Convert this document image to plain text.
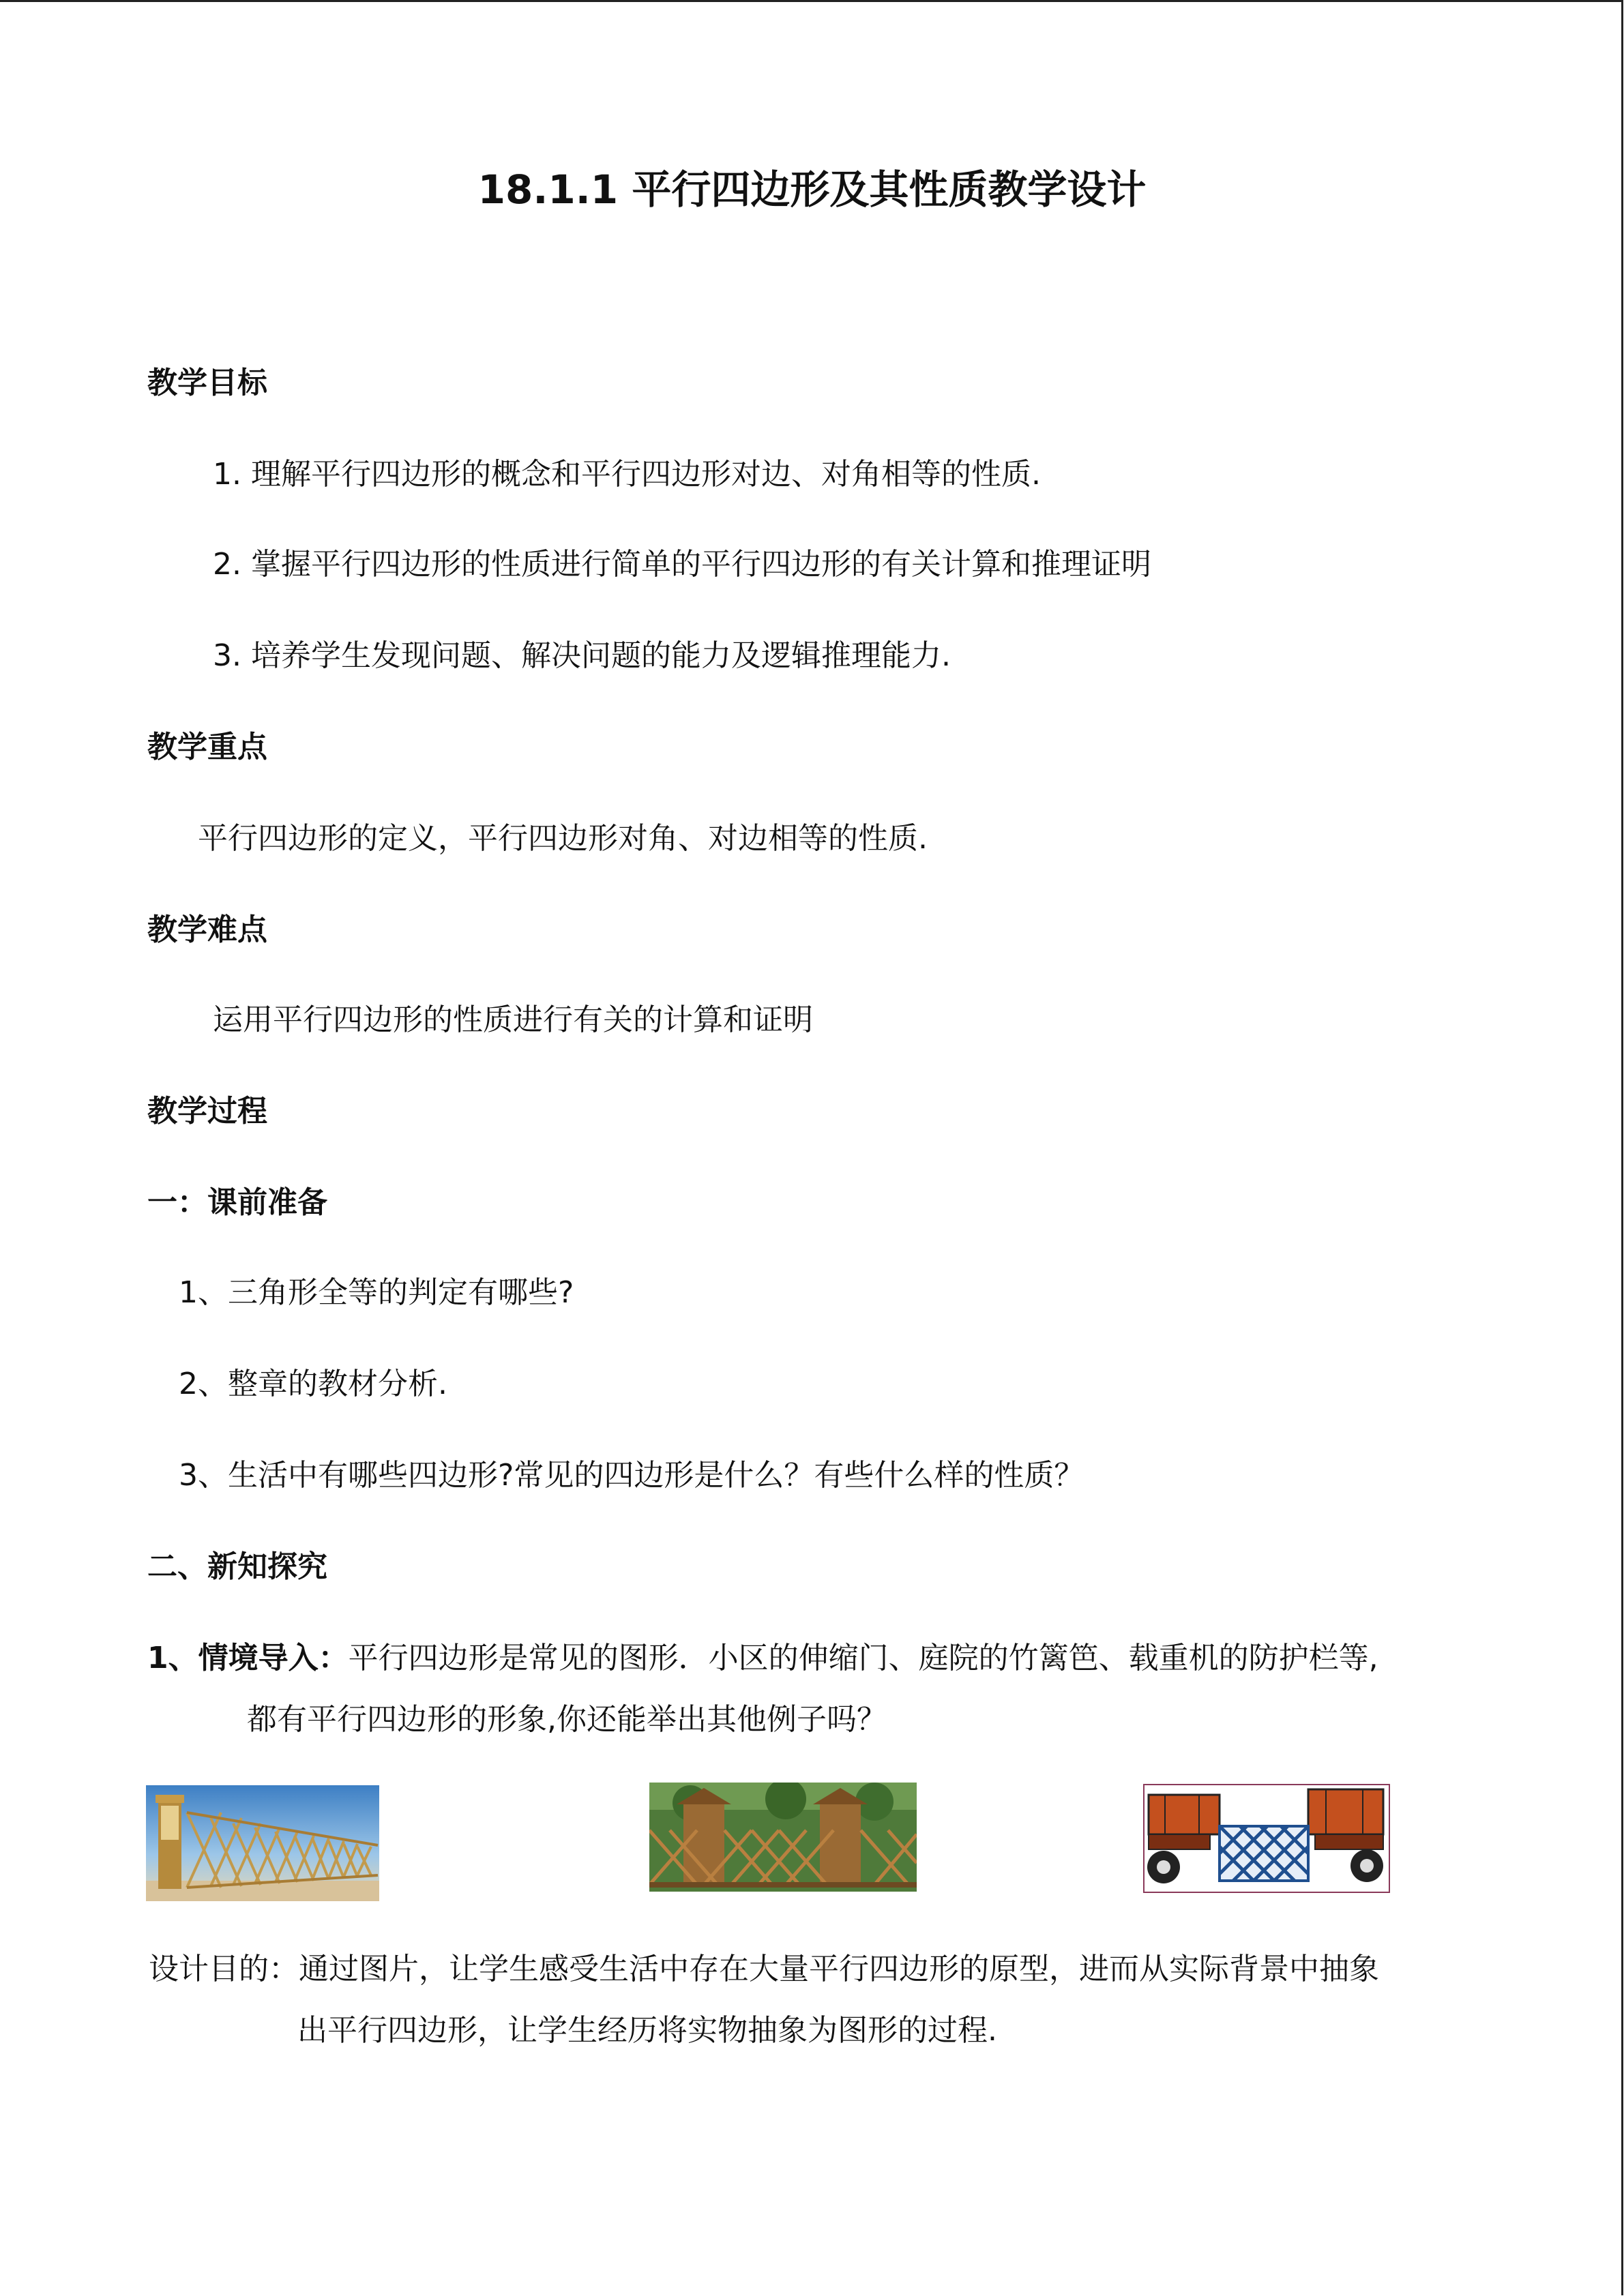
18.1.1 平行四边形及其性质教学设计
教学目标
1. 理解平行四边形的概念和平行四边形对边、对角相等的性质.
2. 掌握平行四边形的性质进行简单的平行四边形的有关计算和推理证明
3. 培养学生发现问题、解决问题的能力及逻辑推理能力.
教学重点
平行四边形的定义，平行四边形对角、对边相等的性质.
教学难点
运用平行四边形的性质进行有关的计算和证明
教学过程
一：课前准备
1、三角形全等的判定有哪些?
2、整章的教材分析.
3、生活中有哪些四边形?常见的四边形是什么？有些什么样的性质？
二、新知探究
1、情境导入：平行四边形是常见的图形．小区的伸缩门、庭院的竹篱笆、载重机的防护栏等,
都有平行四边形的形象,你还能举出其他例子吗？
设计目的：通过图片，让学生感受生活中存在大量平行四边形的原型，进而从实际背景中抽象
出平行四边形，让学生经历将实物抽象为图形的过程.
